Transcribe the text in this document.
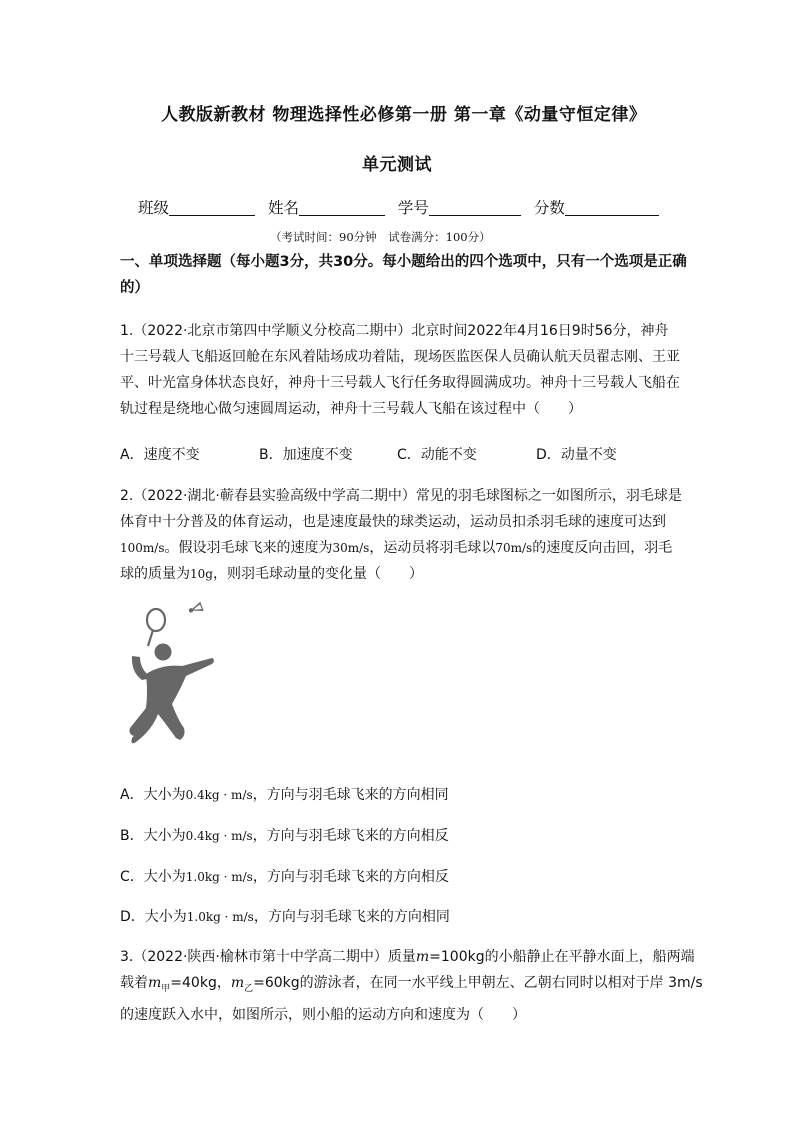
人教版新教材 物理选择性必修第一册 第一章《动量守恒定律》
单元测试
班级	姓名	学号	分数
（考试时间：90分钟　试卷满分：100分）
一、单项选择题（每小题3分，共30分。每小题给出的四个选项中，只有一个选项是正确
的）
1.（2022·北京市第四中学顺义分校高二期中）北京时间2022年4月16日9时56分，神舟
十三号载人飞船返回舱在东风着陆场成功着陆，现场医监医保人员确认航天员翟志刚、王亚
平、叶光富身体状态良好，神舟十三号载人飞行任务取得圆满成功。神舟十三号载人飞船在
轨过程是绕地心做匀速圆周运动，神舟十三号载人飞船在该过程中（　　）
A．速度不变	B．加速度不变	C．动能不变	D．动量不变
2.（2022·湖北·蕲春县实验高级中学高二期中）常见的羽毛球图标之一如图所示，羽毛球是
体育中十分普及的体育运动，也是速度最快的球类运动，运动员扣杀羽毛球的速度可达到
100m/s。假设羽毛球飞来的速度为30m/s，运动员将羽毛球以70m/s的速度反向击回，羽毛
球的质量为10g，则羽毛球动量的变化量（　　）
A．大小为0.4kg · m/s，方向与羽毛球飞来的方向相同
B．大小为0.4kg · m/s，方向与羽毛球飞来的方向相反
C．大小为1.0kg · m/s，方向与羽毛球飞来的方向相反
D．大小为1.0kg · m/s，方向与羽毛球飞来的方向相同
3.（2022·陕西·榆林市第十中学高二期中）质量m=100kg的小船静止在平静水面上，船两端
载着$m_甲=40kg$，$m_乙=60kg$的游泳者，在同一水平线上甲朝左、乙朝右同时以相对于岸 3m/s
的速度跃入水中，如图所示，则小船的运动方向和速度为（　　）
